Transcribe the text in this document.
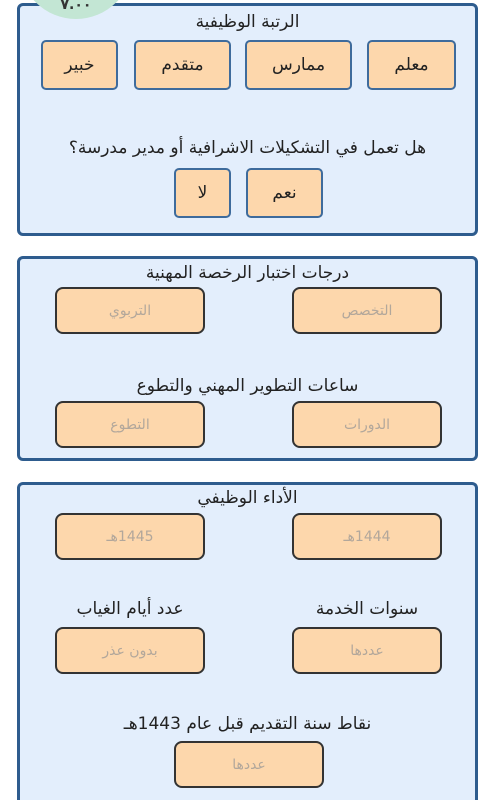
الرتبة الوظيفية
معلم
ممارس
متقدم
خبير
هل تعمل في التشكيلات الاشرافية أو مدير مدرسة؟
نعم
لا
درجات اختبار الرخصة المهنية
التخصص
التربوي
ساعات التطوير المهني والتطوع
الدورات
التطوع
الأداء الوظيفي
1444هـ
1445هـ
سنوات الخدمة
عدد أيام الغياب
عددها
بدون عذر
نقاط سنة التقديم قبل عام 1443هـ
عددها
٧.٠٠
